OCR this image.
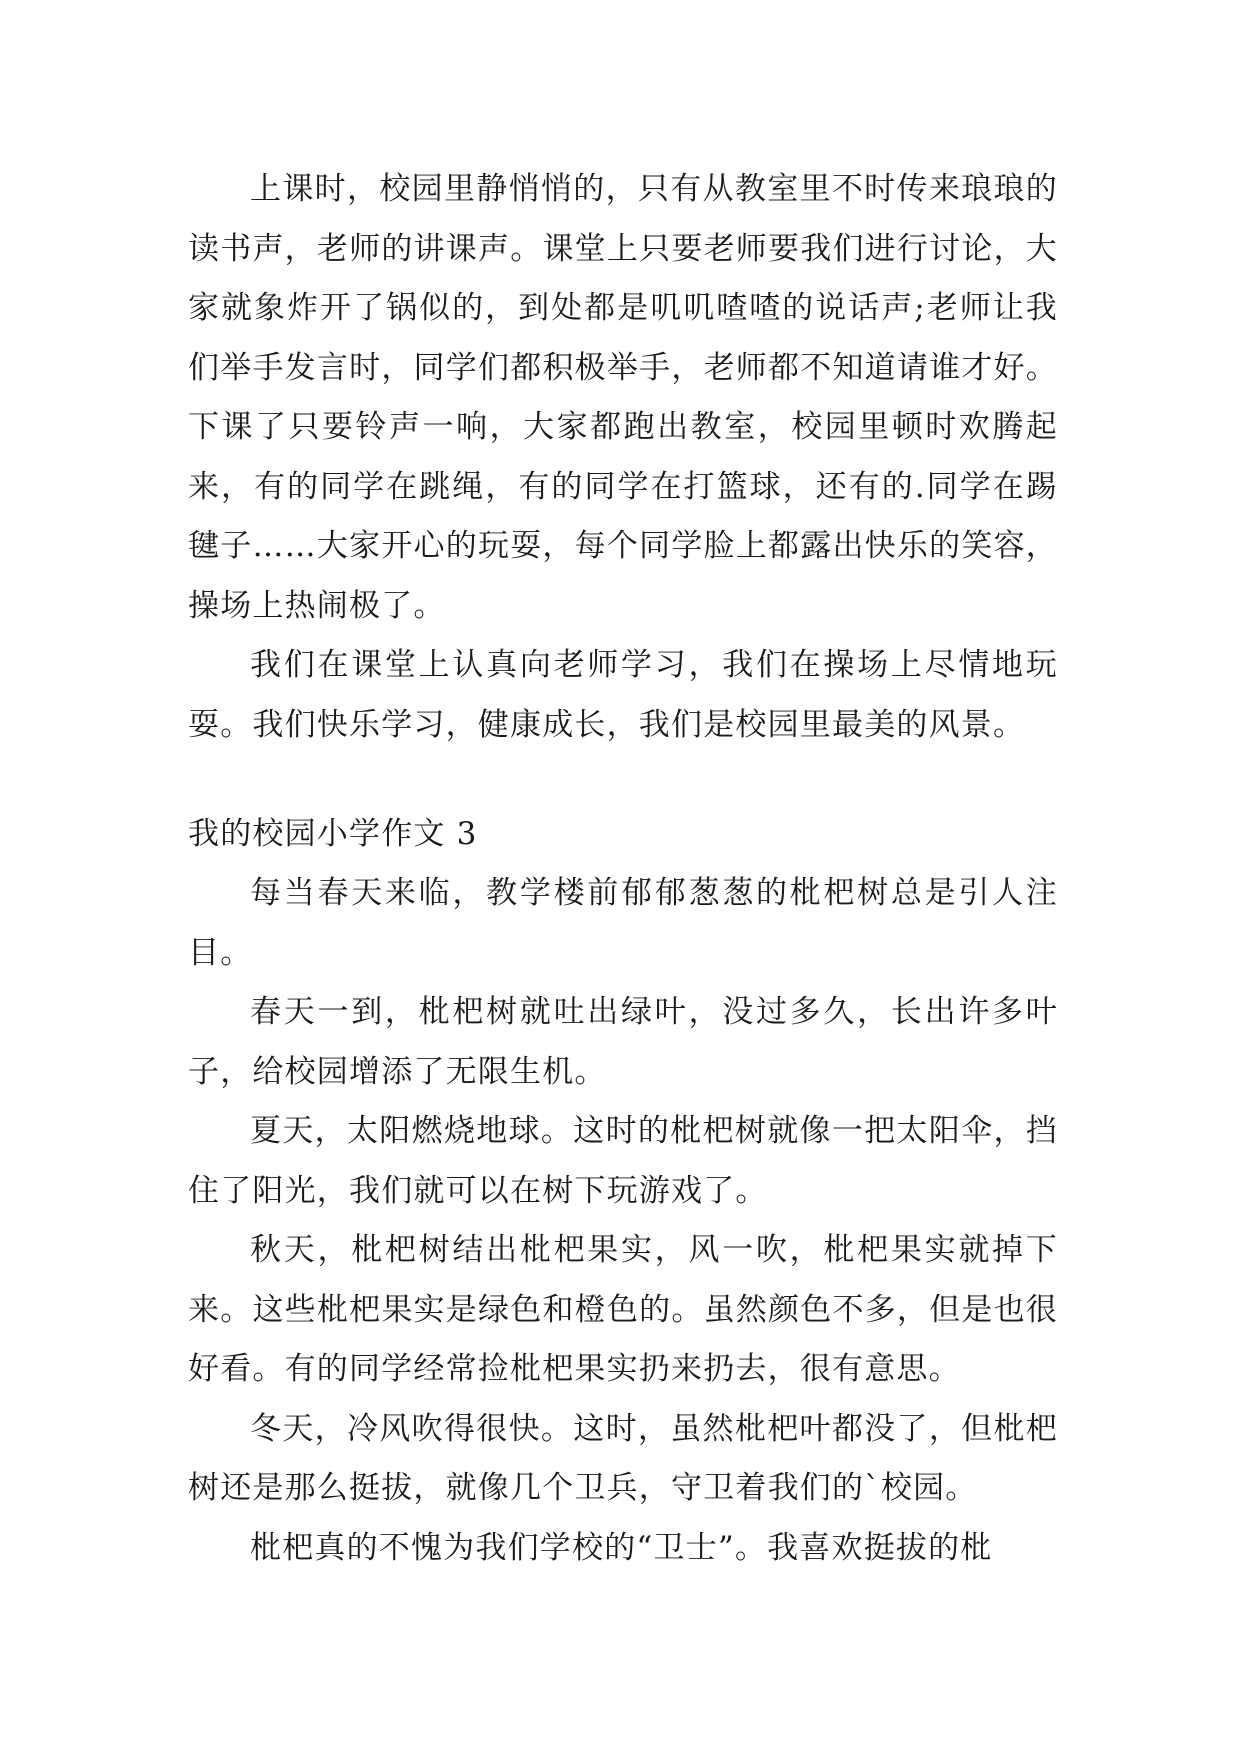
上课时，校园里静悄悄的，只有从教室里不时传来琅琅的读书声，老师的讲课声。课堂上只要老师要我们进行讨论，大家就象炸开了锅似的，到处都是叽叽喳喳的说话声;老师让我们举手发言时，同学们都积极举手，老师都不知道请谁才好。下课了只要铃声一响，大家都跑出教室，校园里顿时欢腾起来，有的同学在跳绳，有的同学在打篮球，还有的.同学在踢毽子……大家开心的玩耍，每个同学脸上都露出快乐的笑容，操场上热闹极了。

我们在课堂上认真向老师学习，我们在操场上尽情地玩耍。我们快乐学习，健康成长，我们是校园里最美的风景。

我的校园小学作文 3

每当春天来临，教学楼前郁郁葱葱的枇杷树总是引人注目。

春天一到，枇杷树就吐出绿叶，没过多久，长出许多叶子，给校园增添了无限生机。

夏天，太阳燃烧地球。这时的枇杷树就像一把太阳伞，挡住了阳光，我们就可以在树下玩游戏了。

秋天，枇杷树结出枇杷果实，风一吹，枇杷果实就掉下来。这些枇杷果实是绿色和橙色的。虽然颜色不多，但是也很好看。有的同学经常捡枇杷果实扔来扔去，很有意思。

冬天，冷风吹得很快。这时，虽然枇杷叶都没了，但枇杷树还是那么挺拔，就像几个卫兵，守卫着我们的`校园。

枇杷真的不愧为我们学校的“卫士”。我喜欢挺拔的枇
